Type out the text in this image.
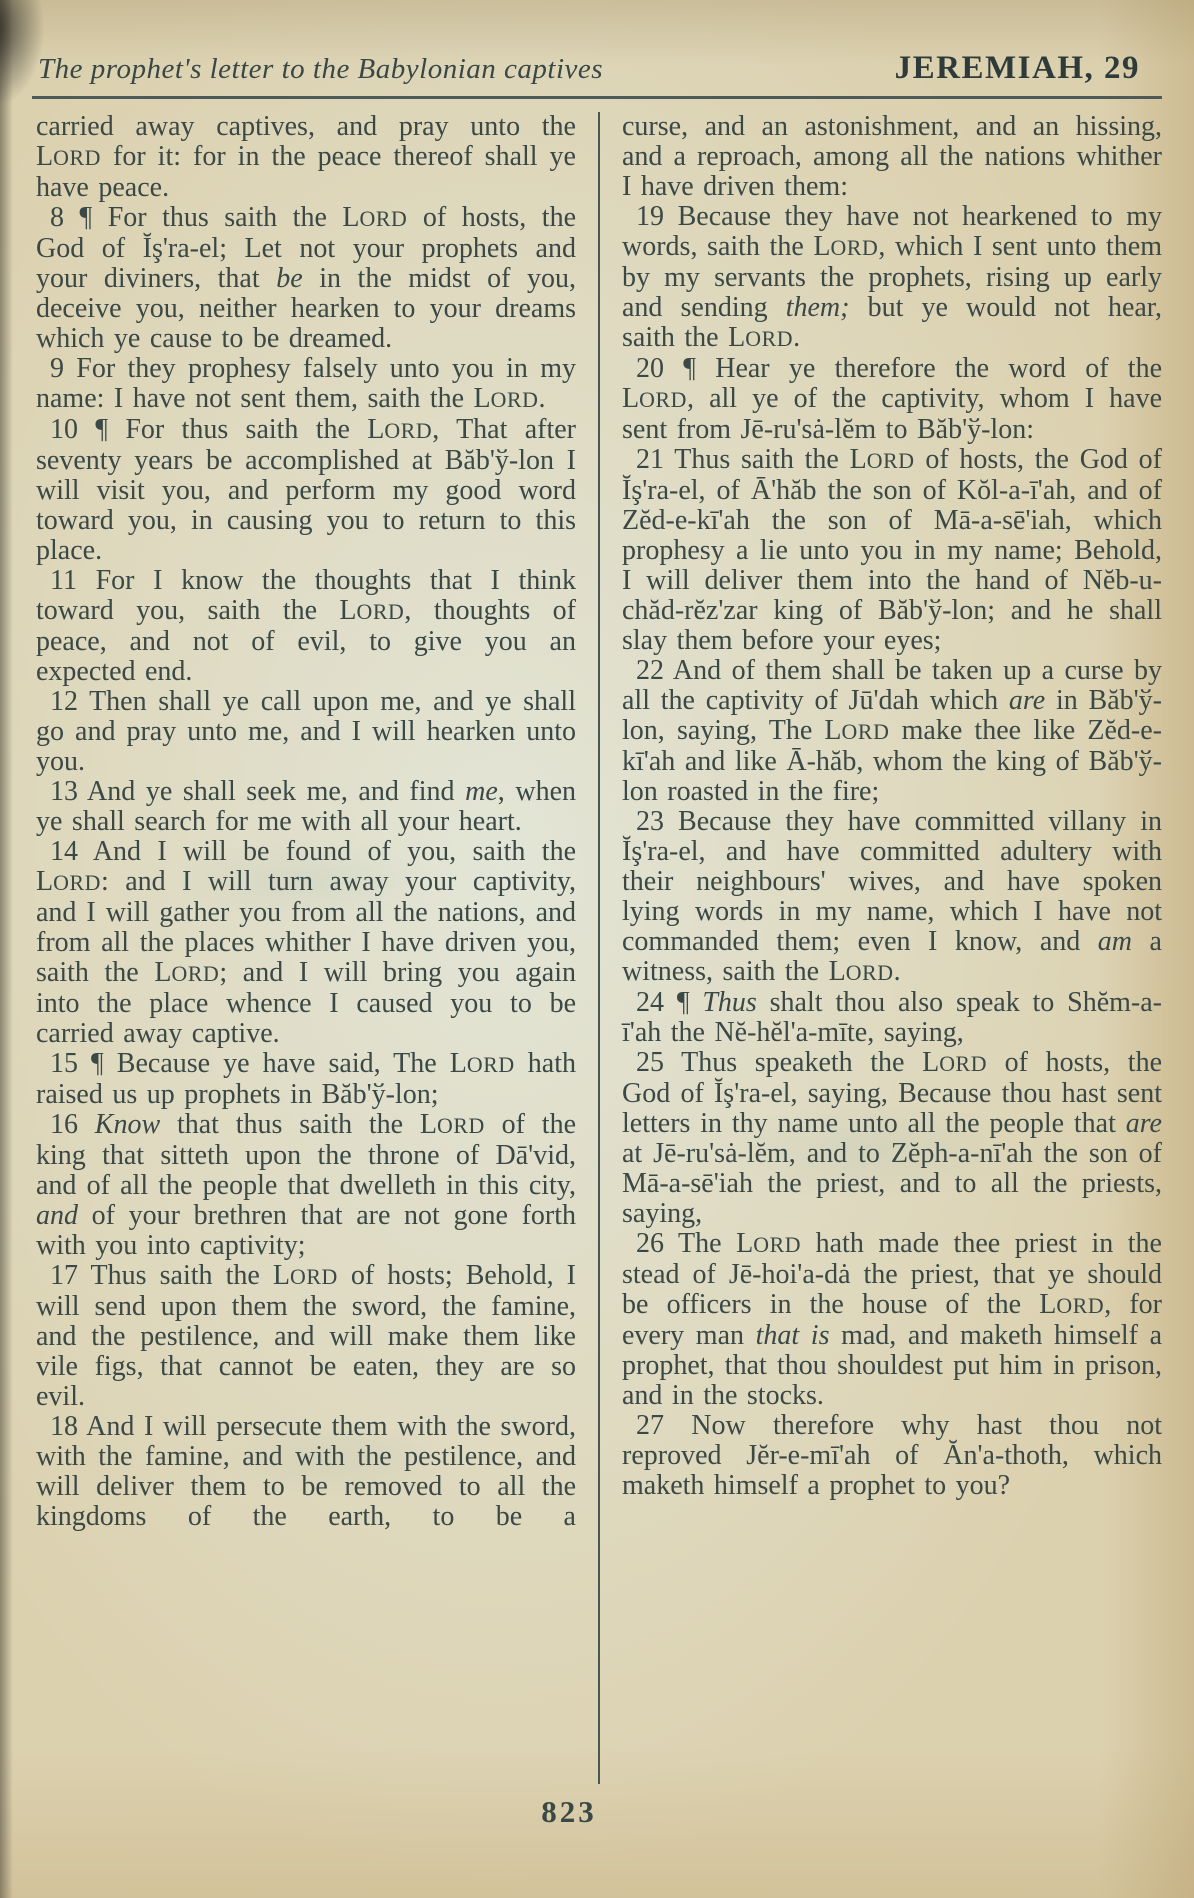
The prophet's letter to the Babylonian captives	JEREMIAH, 29

carried away captives, and pray unto the LORD for it: for in the peace thereof shall ye have peace.

8 ¶ For thus saith the LORD of hosts, the God of Ĭş'ra-el; Let not your prophets and your diviners, that be in the midst of you, deceive you, neither hearken to your dreams which ye cause to be dreamed.

9 For they prophesy falsely unto you in my name: I have not sent them, saith the LORD.

10 ¶ For thus saith the LORD, That after seventy years be accomplished at Băb'ў-lon I will visit you, and perform my good word toward you, in causing you to return to this place.

11 For I know the thoughts that I think toward you, saith the LORD, thoughts of peace, and not of evil, to give you an expected end.

12 Then shall ye call upon me, and ye shall go and pray unto me, and I will hearken unto you.

13 And ye shall seek me, and find me, when ye shall search for me with all your heart.

14 And I will be found of you, saith the LORD: and I will turn away your captivity, and I will gather you from all the nations, and from all the places whither I have driven you, saith the LORD; and I will bring you again into the place whence I caused you to be carried away captive.

15 ¶ Because ye have said, The LORD hath raised us up prophets in Băb'ў-lon;

16 Know that thus saith the LORD of the king that sitteth upon the throne of Dā'vid, and of all the people that dwelleth in this city, and of your brethren that are not gone forth with you into captivity;

17 Thus saith the LORD of hosts; Behold, I will send upon them the sword, the famine, and the pestilence, and will make them like vile figs, that cannot be eaten, they are so evil.

18 And I will persecute them with the sword, with the famine, and with the pestilence, and will deliver them to be removed to all the kingdoms of the earth, to be a

curse, and an astonishment, and an hissing, and a reproach, among all the nations whither I have driven them:

19 Because they have not hearkened to my words, saith the LORD, which I sent unto them by my servants the prophets, rising up early and sending them; but ye would not hear, saith the LORD.

20 ¶ Hear ye therefore the word of the LORD, all ye of the captivity, whom I have sent from Jē-ru'sȧ-lĕm to Băb'ў-lon:

21 Thus saith the LORD of hosts, the God of Ĭş'ra-el, of Ā'hăb the son of Kŏl-a-ī'ah, and of Zĕd-e-kī'ah the son of Mā-a-sē'iah, which prophesy a lie unto you in my name; Behold, I will deliver them into the hand of Nĕb-u-chăd-rĕz'zar king of Băb'ў-lon; and he shall slay them before your eyes;

22 And of them shall be taken up a curse by all the captivity of Jū'dah which are in Băb'ў-lon, saying, The LORD make thee like Zĕd-e-kī'ah and like Ā-hăb, whom the king of Băb'ў-lon roasted in the fire;

23 Because they have committed villany in Ĭş'ra-el, and have committed adultery with their neighbours' wives, and have spoken lying words in my name, which I have not commanded them; even I know, and am a witness, saith the LORD.

24 ¶ Thus shalt thou also speak to Shĕm-a-ī'ah the Nĕ-hĕl'a-mīte, saying,

25 Thus speaketh the LORD of hosts, the God of Ĭş'ra-el, saying, Because thou hast sent letters in thy name unto all the people that are at Jē-ru'sȧ-lĕm, and to Zĕph-a-nī'ah the son of Mā-a-sē'iah the priest, and to all the priests, saying,

26 The LORD hath made thee priest in the stead of Jē-hoi'a-dȧ the priest, that ye should be officers in the house of the LORD, for every man that is mad, and maketh himself a prophet, that thou shouldest put him in prison, and in the stocks.

27 Now therefore why hast thou not reproved Jĕr-e-mī'ah of Ăn'a-thoth, which maketh himself a prophet to you?

823
